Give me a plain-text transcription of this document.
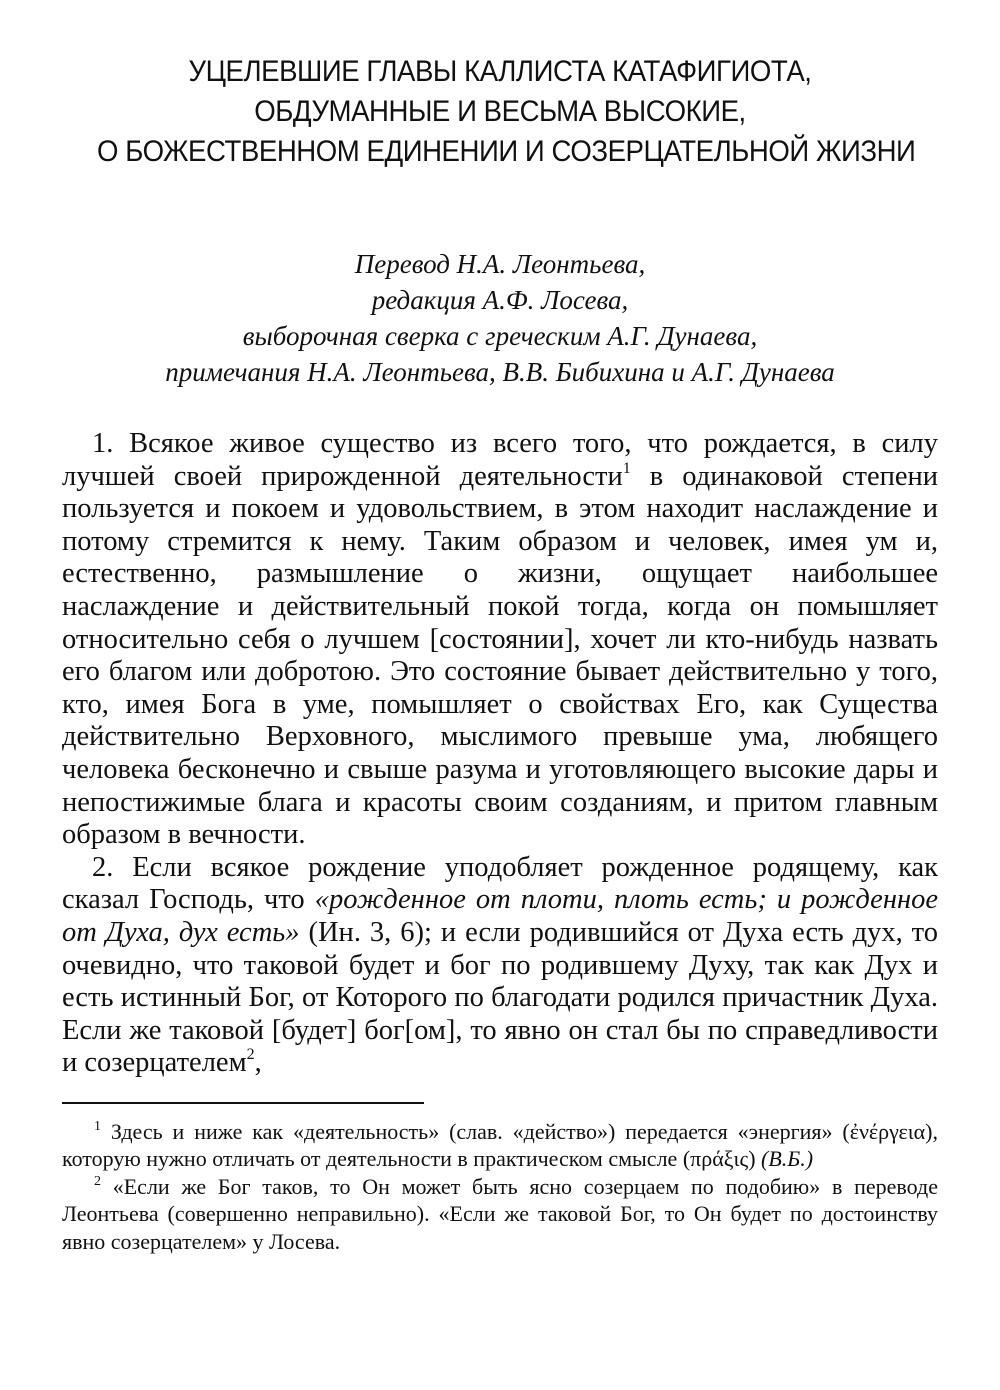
УЦЕЛЕВШИЕ ГЛАВЫ КАЛЛИСТА КАТАФИГИОТА,
ОБДУМАННЫЕ И ВЕСЬМА ВЫСОКИЕ,
О БОЖЕСТВЕННОМ ЕДИНЕНИИ И СОЗЕРЦАТЕЛЬНОЙ ЖИЗНИ
Перевод Н.А. Леонтьева,
редакция А.Ф. Лосева,
выборочная сверка с греческим А.Г. Дунаева,
примечания Н.А. Леонтьева, В.В. Бибихина и А.Г. Дунаева

1. Всякое живое существо из всего того, что рождается, в силу лучшей своей прирожденной деятельности$^1$ в одинаковой степени пользуется и покоем и удовольствием, в этом находит наслаждение и потому стремится к нему. Таким образом и человек, имея ум и, естественно, размышление о жизни, ощущает наибольшее наслаждение и действительный покой тогда, когда он помышляет относительно себя о лучшем [состоянии], хочет ли кто-нибудь назвать его благом или добротою. Это состояние бывает действительно у того, кто, имея Бога в уме, помышляет о свойствах Его, как Существа действительно Верховного, мыслимого превыше ума, любящего человека бесконечно и свыше разума и уготовляющего высокие дары и непостижимые блага и красоты своим созданиям, и притом главным образом в вечности.

2. Если всякое рождение уподобляет рожденное родящему, как сказал Господь, что «рожденное от плоти, плоть есть; и рожденное от Духа, дух есть» (Ин. 3, 6); и если родившийся от Духа есть дух, то очевидно, что таковой будет и бог по родившему Духу, так как Дух и есть истинный Бог, от Которого по благодати родился причастник Духа. Если же таковой [будет] бог[ом], то явно он стал бы по справедливости и созерцателем$^2$,

$^1$ Здесь и ниже как «деятельность» (слав. «действо») передается «энергия» (ἐνέργεια), которую нужно отличать от деятельности в практическом смысле (πράξις) (В.Б.)

$^2$ «Если же Бог таков, то Он может быть ясно созерцаем по подобию» в переводе Леонтьева (совершенно неправильно). «Если же таковой Бог, то Он будет по достоинству явно созерцателем» у Лосева.
